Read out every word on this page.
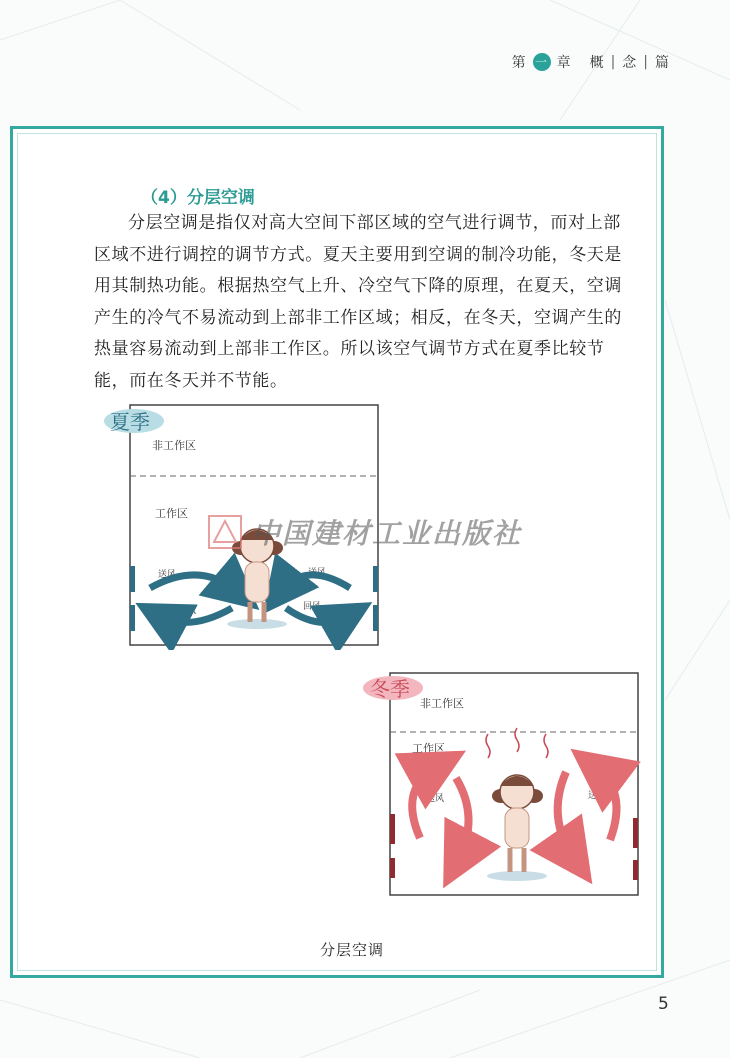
第 一 章 概 | 念 | 篇
（4）分层空调
分层空调是指仅对高大空间下部区域的空气进行调节，而对上部区域不进行调控的调节方式。夏天主要用到空调的制冷功能，冬天是用其制热功能。根据热空气上升、冷空气下降的原理，在夏天，空调产生的冷气不易流动到上部非工作区域；相反，在冬天，空调产生的热量容易流动到上部非工作区。所以该空气调节方式在夏季比较节能，而在冬天并不节能。
夏季
非工作区
工作区
送风
回风
送风
回风
冬季
非工作区
工作区
送风
回风
送风
回风
中国建材工业出版社
分层空调
5
